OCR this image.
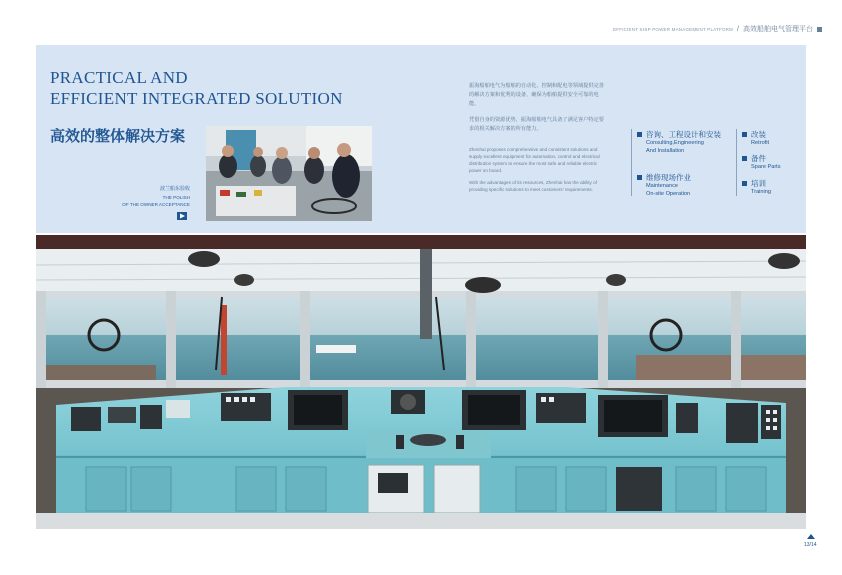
EFFICIENT SHIP POWER MANAGEMENT PLATFORM / 高效船舶电气管理平台
PRACTICAL AND
EFFICIENT INTEGRATED SOLUTION
高效的整体解决方案
波兰船东验收
THE POLISH
OF THE OWNER ACCEPTANCE
振海船舶电气为船舶的自动化、控制和配电等领域提供完善的解决方案和优秀的设备，确保为船舶提供安全可靠的电能。
凭借自身的资源优势，振海船舶电气具备了满足客户特定要求的相关解决方案的所有能力。
Zhenhai proposes comprehensive and consistent solutions and supply excellent equipment for automation, control and electrical distribution system to ensure the most safe and reliable electric power on board.
With the advantages of its resources, Zhenhai has the ability of providing specific solutions to meet customers' requirements.
咨询、工程设计和安装
Consulting,Engineering
And Installation
维修现场作业
Maintenance
On-site Operation
改装
Retrofit
备件
Spare Parts
培训
Training
13/14
